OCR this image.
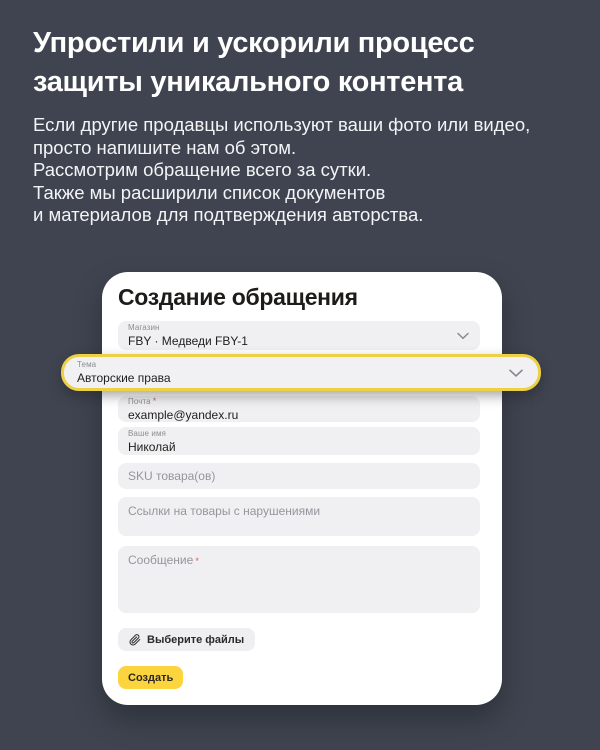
Упростили и ускорили процесс
защиты уникального контента
Если другие продавцы используют ваши фото или видео,
просто напишите нам об этом.
Рассмотрим обращение всего за сутки.
Также мы расширили список документов
и материалов для подтверждения авторства.
Создание обращения
Магазин
FBY · Медведи FBY-1
Почта *
example@yandex.ru
Ваше имя
Николай
SKU товара(ов)
Ссылки на товары с нарушениями
Сообщение *
Выберите файлы
Создать
Тема
Авторские права
